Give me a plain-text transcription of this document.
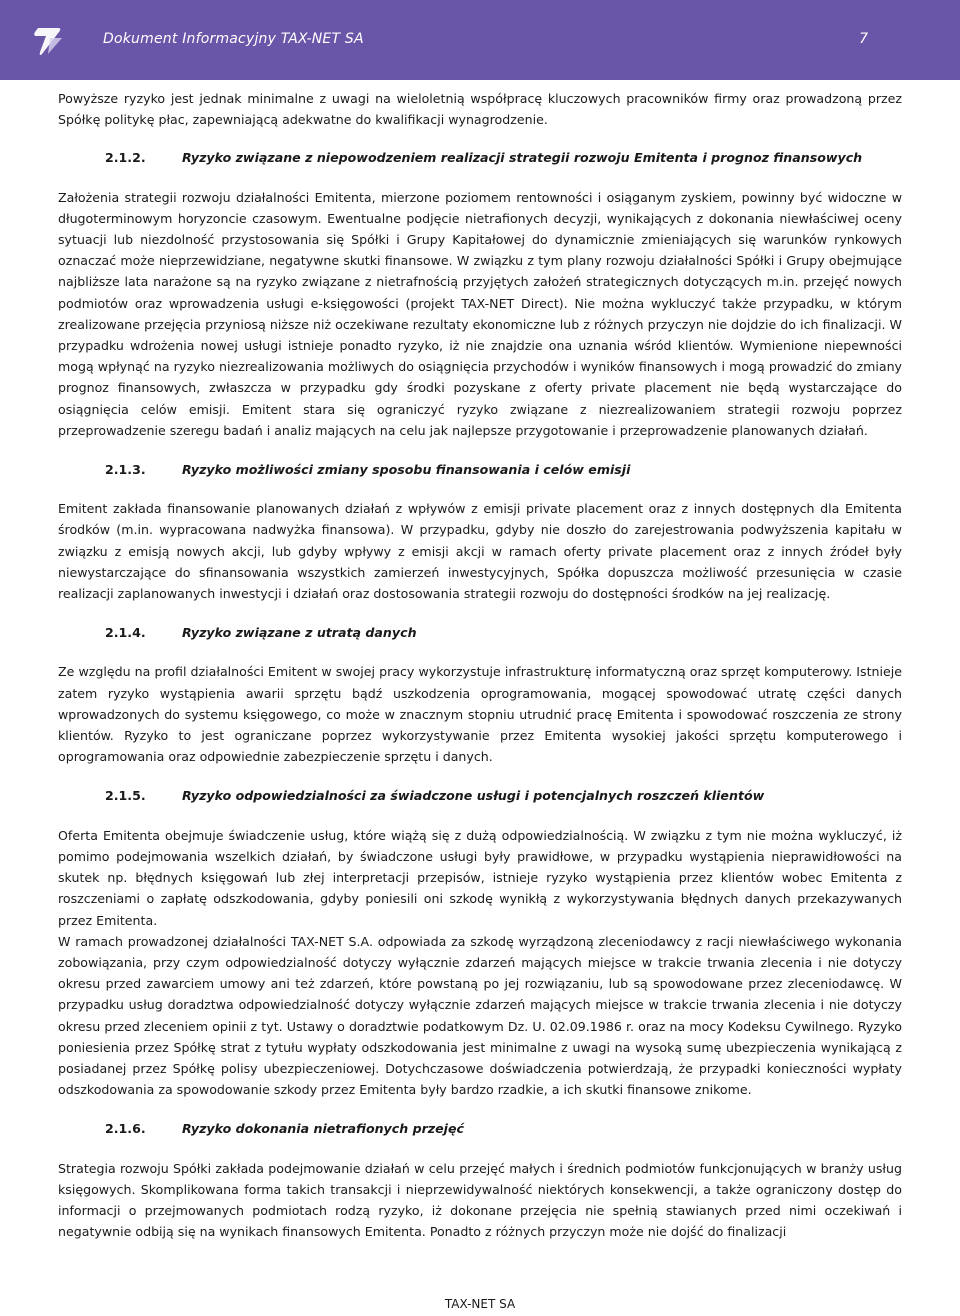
Dokument Informacyjny TAX-NET SA	7

Powyższe ryzyko jest jednak minimalne z uwagi na wieloletnią współpracę kluczowych pracowników firmy oraz prowadzoną przez Spółkę politykę płac, zapewniającą adekwatne do kwalifikacji wynagrodzenie.

2.1.2.	Ryzyko związane z niepowodzeniem realizacji strategii rozwoju Emitenta i prognoz finansowych

Założenia strategii rozwoju działalności Emitenta, mierzone poziomem rentowności i osiąganym zyskiem, powinny być widoczne w długoterminowym horyzoncie czasowym. Ewentualne podjęcie nietrafionych decyzji, wynikających z dokonania niewłaściwej oceny sytuacji lub niezdolność przystosowania się Spółki i Grupy Kapitałowej do dynamicznie zmieniających się warunków rynkowych oznaczać może nieprzewidziane, negatywne skutki finansowe. W związku z tym plany rozwoju działalności Spółki i Grupy obejmujące najbliższe lata narażone są na ryzyko związane z nietrafnością przyjętych założeń strategicznych dotyczących m.in. przejęć nowych podmiotów oraz wprowadzenia usługi e-księgowości (projekt TAX-NET Direct). Nie można wykluczyć także przypadku, w którym zrealizowane przejęcia przyniosą niższe niż oczekiwane rezultaty ekonomiczne lub z różnych przyczyn nie dojdzie do ich finalizacji. W przypadku wdrożenia nowej usługi istnieje ponadto ryzyko, iż nie znajdzie ona uznania wśród klientów. Wymienione niepewności mogą wpłynąć na ryzyko niezrealizowania możliwych do osiągnięcia przychodów i wyników finansowych i mogą prowadzić do zmiany prognoz finansowych, zwłaszcza w przypadku gdy środki pozyskane z oferty private placement nie będą wystarczające do osiągnięcia celów emisji. Emitent stara się ograniczyć ryzyko związane z niezrealizowaniem strategii rozwoju poprzez przeprowadzenie szeregu badań i analiz mających na celu jak najlepsze przygotowanie i przeprowadzenie planowanych działań.

2.1.3.	Ryzyko możliwości zmiany sposobu finansowania i celów emisji

Emitent zakłada finansowanie planowanych działań z wpływów z emisji private placement oraz z innych dostępnych dla Emitenta środków (m.in. wypracowana nadwyżka finansowa). W przypadku, gdyby nie doszło do zarejestrowania podwyższenia kapitału w związku z emisją nowych akcji, lub gdyby wpływy z emisji akcji w ramach oferty private placement oraz z innych źródeł były niewystarczające do sfinansowania wszystkich zamierzeń inwestycyjnych, Spółka dopuszcza możliwość przesunięcia w czasie realizacji zaplanowanych inwestycji i działań oraz dostosowania strategii rozwoju do dostępności środków na jej realizację.

2.1.4.	Ryzyko związane z utratą danych

Ze względu na profil działalności Emitent w swojej pracy wykorzystuje infrastrukturę informatyczną oraz sprzęt komputerowy. Istnieje zatem ryzyko wystąpienia awarii sprzętu bądź uszkodzenia oprogramowania, mogącej spowodować utratę części danych wprowadzonych do systemu księgowego, co może w znacznym stopniu utrudnić pracę Emitenta i spowodować roszczenia ze strony klientów. Ryzyko to jest ograniczane poprzez wykorzystywanie przez Emitenta wysokiej jakości sprzętu komputerowego i oprogramowania oraz odpowiednie zabezpieczenie sprzętu i danych.

2.1.5.	Ryzyko odpowiedzialności za świadczone usługi i potencjalnych roszczeń klientów

Oferta Emitenta obejmuje świadczenie usług, które wiążą się z dużą odpowiedzialnością. W związku z tym nie można wykluczyć, iż pomimo podejmowania wszelkich działań, by świadczone usługi były prawidłowe, w przypadku wystąpienia nieprawidłowości na skutek np. błędnych księgowań lub złej interpretacji przepisów, istnieje ryzyko wystąpienia przez klientów wobec Emitenta z roszczeniami o zapłatę odszkodowania, gdyby poniesili oni szkodę wynikłą z wykorzystywania błędnych danych przekazywanych przez Emitenta.

W ramach prowadzonej działalności TAX-NET S.A. odpowiada za szkodę wyrządzoną zleceniodawcy z racji niewłaściwego wykonania zobowiązania, przy czym odpowiedzialność dotyczy wyłącznie zdarzeń mających miejsce w trakcie trwania zlecenia i nie dotyczy okresu przed zawarciem umowy ani też zdarzeń, które powstaną po jej rozwiązaniu, lub są spowodowane przez zleceniodawcę. W przypadku usług doradztwa odpowiedzialność dotyczy wyłącznie zdarzeń mających miejsce w trakcie trwania zlecenia i nie dotyczy okresu przed zleceniem opinii z tyt. Ustawy o doradztwie podatkowym Dz. U. 02.09.1986 r. oraz na mocy Kodeksu Cywilnego. Ryzyko poniesienia przez Spółkę strat z tytułu wypłaty odszkodowania jest minimalne z uwagi na wysoką sumę ubezpieczenia wynikającą z posiadanej przez Spółkę polisy ubezpieczeniowej. Dotychczasowe doświadczenia potwierdzają, że przypadki konieczności wypłaty odszkodowania za spowodowanie szkody przez Emitenta były bardzo rzadkie, a ich skutki finansowe znikome.

2.1.6.	Ryzyko dokonania nietrafionych przejęć

Strategia rozwoju Spółki zakłada podejmowanie działań w celu przejęć małych i średnich podmiotów funkcjonujących w branży usług księgowych. Skomplikowana forma takich transakcji i nieprzewidywalność niektórych konsekwencji, a także ograniczony dostęp do informacji o przejmowanych podmiotach rodzą ryzyko, iż dokonane przejęcia nie spełnią stawianych przed nimi oczekiwań i negatywnie odbiją się na wynikach finansowych Emitenta. Ponadto z różnych przyczyn może nie dojść do finalizacji

TAX-NET SA
